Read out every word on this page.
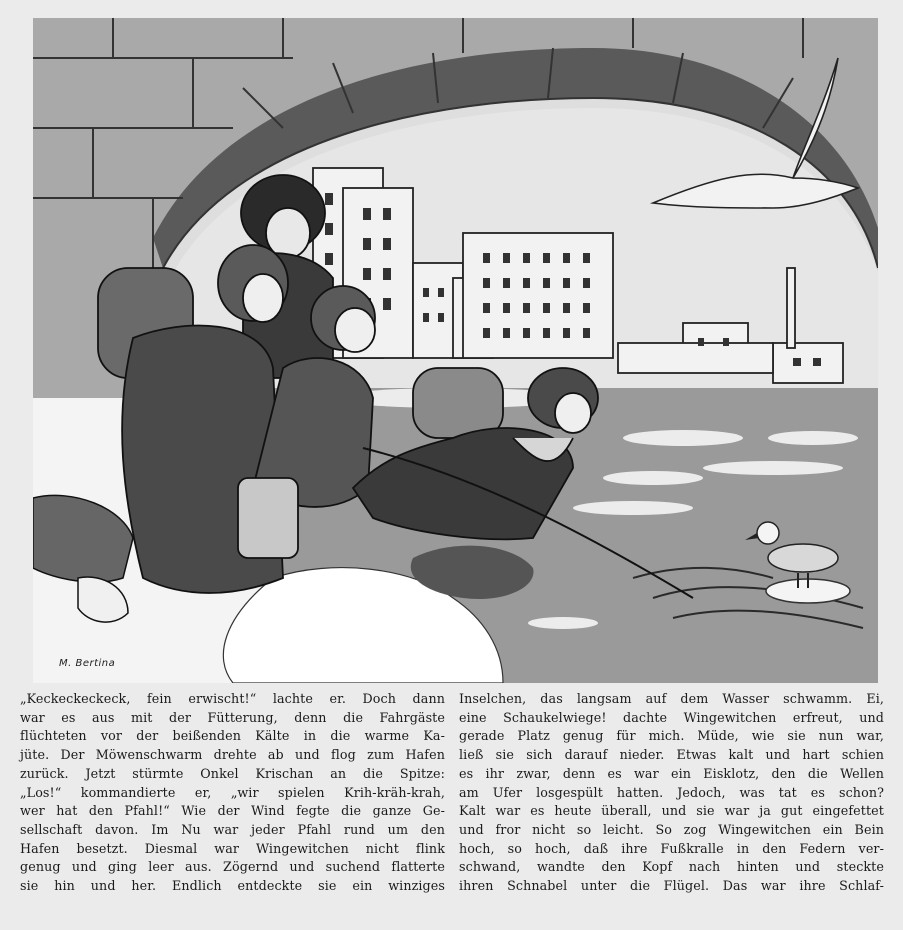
M. Bertina
„Keckeckeckeck, fein erwischt!“ lachte er. Doch dann
war es aus mit der Fütterung, denn die Fahrgäste
flüchteten vor der beißenden Kälte in die warme Ka-
jüte. Der Möwenschwarm drehte ab und flog zum Hafen
zurück. Jetzt stürmte Onkel Krischan an die Spitze:
„Los!“ kommandierte er, „wir spielen Krih-kräh-krah,
wer hat den Pfahl!“ Wie der Wind fegte die ganze Ge-
sellschaft davon. Im Nu war jeder Pfahl rund um den
Hafen besetzt. Diesmal war Wingewitchen nicht flink
genug und ging leer aus. Zögernd und suchend flatterte
sie hin und her. Endlich entdeckte sie ein winziges
Inselchen, das langsam auf dem Wasser schwamm. Ei,
eine Schaukelwiege! dachte Wingewitchen erfreut, und
gerade Platz genug für mich. Müde, wie sie nun war,
ließ sie sich darauf nieder. Etwas kalt und hart schien
es ihr zwar, denn es war ein Eisklotz, den die Wellen
am Ufer losgespült hatten. Jedoch, was tat es schon?
Kalt war es heute überall, und sie war ja gut eingefettet
und fror nicht so leicht. So zog Wingewitchen ein Bein
hoch, so hoch, daß ihre Fußkralle in den Federn ver-
schwand, wandte den Kopf nach hinten und steckte
ihren Schnabel unter die Flügel. Das war ihre Schlaf-
